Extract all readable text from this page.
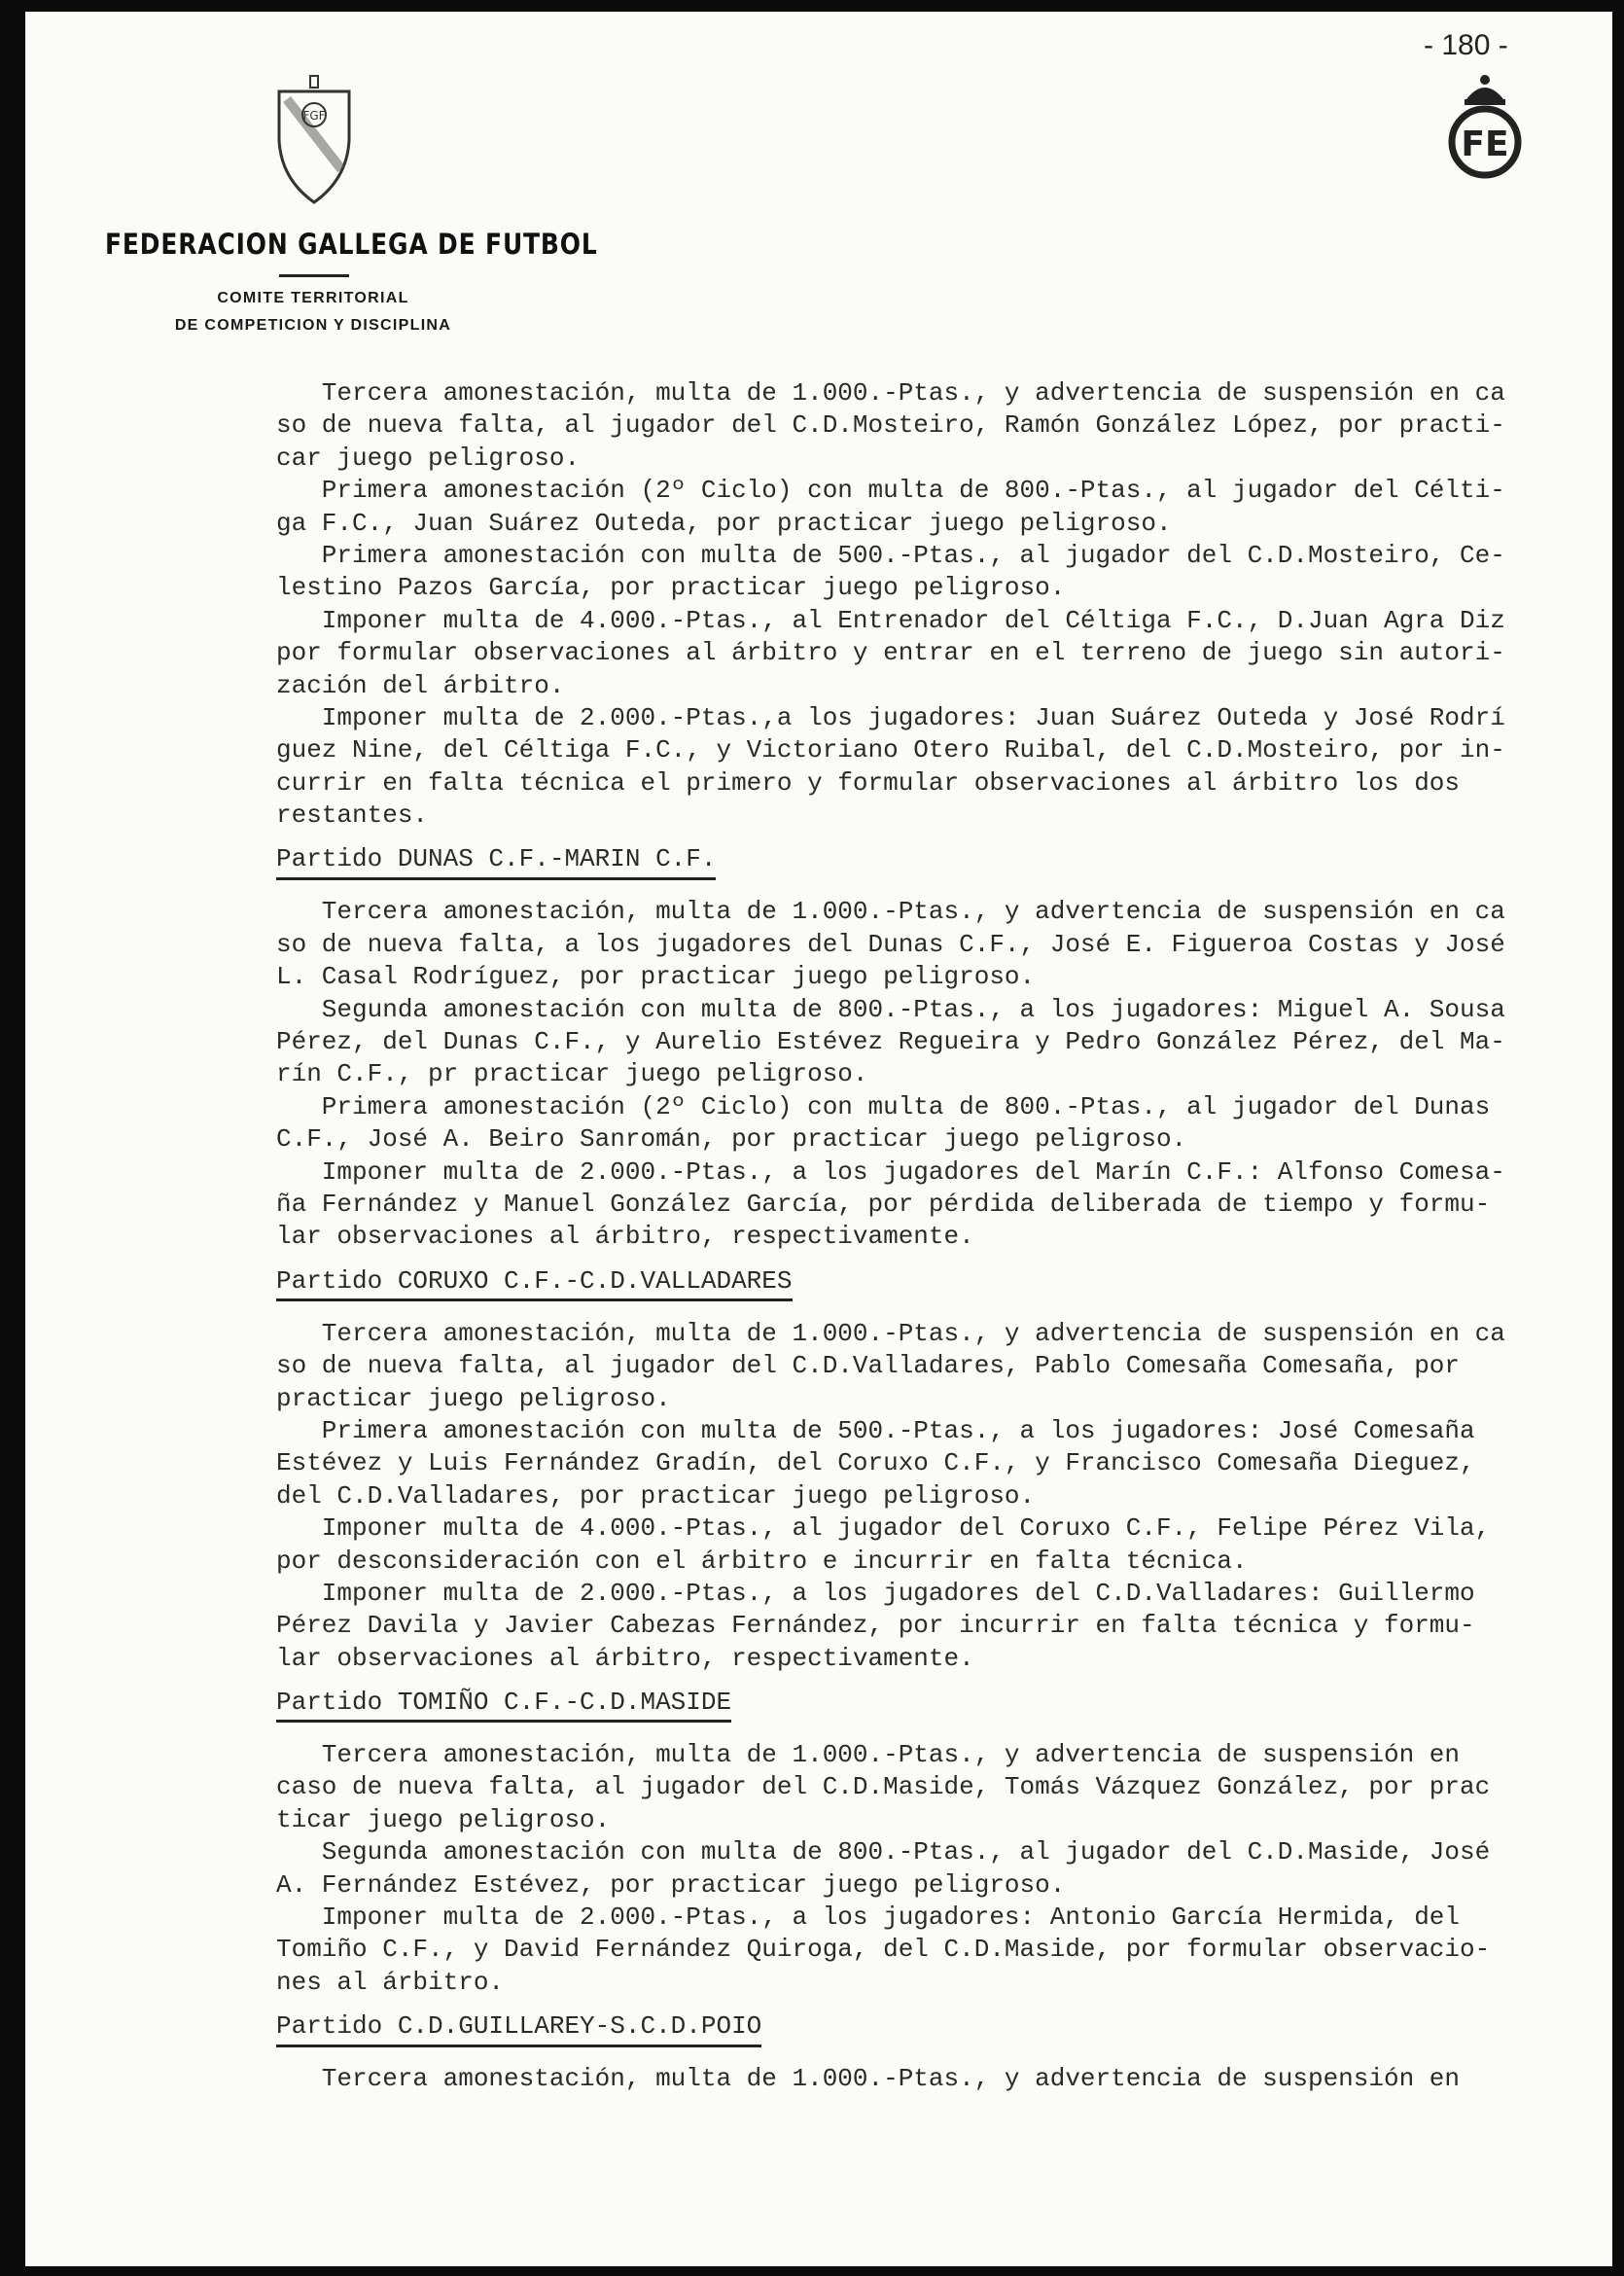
- 180 -
FGF
FE
FEDERACION GALLEGA DE FUTBOL
COMITE TERRITORIAL
DE COMPETICION Y DISCIPLINA
Tercera amonestación, multa de 1.000.-Ptas., y advertencia de suspensión en ca
so de nueva falta, al jugador del C.D.Mosteiro, Ramón González López, por practi-
car juego peligroso.
Primera amonestación (2º Ciclo) con multa de 800.-Ptas., al jugador del Célti-
ga F.C., Juan Suárez Outeda, por practicar juego peligroso.
Primera amonestación con multa de 500.-Ptas., al jugador del C.D.Mosteiro, Ce-
lestino Pazos García, por practicar juego peligroso.
Imponer multa de 4.000.-Ptas., al Entrenador del Céltiga F.C., D.Juan Agra Diz
por formular observaciones al árbitro y entrar en el terreno de juego sin autori-
zación del árbitro.
Imponer multa de 2.000.-Ptas.,a los jugadores: Juan Suárez Outeda y José Rodrí
guez Nine, del Céltiga F.C., y Victoriano Otero Ruibal, del C.D.Mosteiro, por in-
currir en falta técnica el primero y formular observaciones al árbitro los dos
restantes.
Partido DUNAS C.F.-MARIN C.F.
Tercera amonestación, multa de 1.000.-Ptas., y advertencia de suspensión en ca
so de nueva falta, a los jugadores del Dunas C.F., José E. Figueroa Costas y José
L. Casal Rodríguez, por practicar juego peligroso.
Segunda amonestación con multa de 800.-Ptas., a los jugadores: Miguel A. Sousa
Pérez, del Dunas C.F., y Aurelio Estévez Regueira y Pedro González Pérez, del Ma-
rín C.F., pr practicar juego peligroso.
Primera amonestación (2º Ciclo) con multa de 800.-Ptas., al jugador del Dunas
C.F., José A. Beiro Sanromán, por practicar juego peligroso.
Imponer multa de 2.000.-Ptas., a los jugadores del Marín C.F.: Alfonso Comesa-
ña Fernández y Manuel González García, por pérdida deliberada de tiempo y formu-
lar observaciones al árbitro, respectivamente.
Partido CORUXO C.F.-C.D.VALLADARES
Tercera amonestación, multa de 1.000.-Ptas., y advertencia de suspensión en ca
so de nueva falta, al jugador del C.D.Valladares, Pablo Comesaña Comesaña, por
practicar juego peligroso.
Primera amonestación con multa de 500.-Ptas., a los jugadores: José Comesaña
Estévez y Luis Fernández Gradín, del Coruxo C.F., y Francisco Comesaña Dieguez,
del C.D.Valladares, por practicar juego peligroso.
Imponer multa de 4.000.-Ptas., al jugador del Coruxo C.F., Felipe Pérez Vila,
por desconsideración con el árbitro e incurrir en falta técnica.
Imponer multa de 2.000.-Ptas., a los jugadores del C.D.Valladares: Guillermo
Pérez Davila y Javier Cabezas Fernández, por incurrir en falta técnica y formu-
lar observaciones al árbitro, respectivamente.
Partido TOMIÑO C.F.-C.D.MASIDE
Tercera amonestación, multa de 1.000.-Ptas., y advertencia de suspensión en
caso de nueva falta, al jugador del C.D.Maside, Tomás Vázquez González, por prac
ticar juego peligroso.
Segunda amonestación con multa de 800.-Ptas., al jugador del C.D.Maside, José
A. Fernández Estévez, por practicar juego peligroso.
Imponer multa de 2.000.-Ptas., a los jugadores: Antonio García Hermida, del
Tomiño C.F., y David Fernández Quiroga, del C.D.Maside, por formular observacio-
nes al árbitro.
Partido C.D.GUILLAREY-S.C.D.POIO
Tercera amonestación, multa de 1.000.-Ptas., y advertencia de suspensión en
